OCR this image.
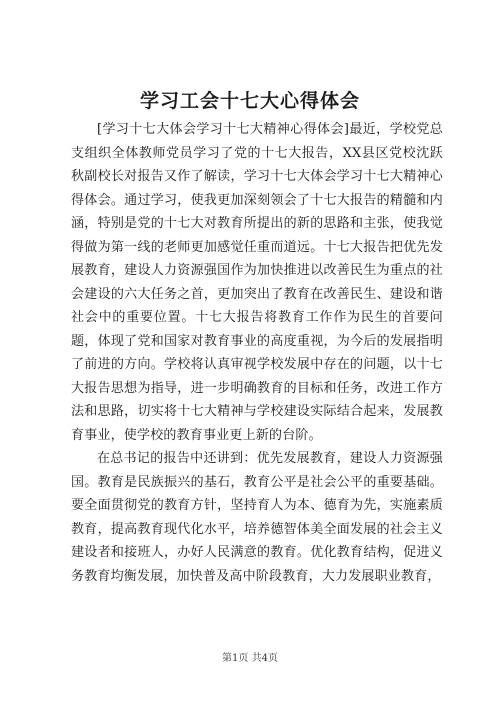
学习工会十七大心得体会

[学习十七大体会学习十七大精神心得体会]最近，学校党总支组织全体教师党员学习了党的十七大报告，XX县区党校沈跃秋副校长对报告又作了解读，学习十七大体会学习十七大精神心得体会。通过学习，使我更加深刻领会了十七大报告的精髓和内涵，特别是党的十七大对教育所提出的新的思路和主张，使我觉得做为第一线的老师更加感觉任重而道远。十七大报告把优先发展教育，建设人力资源强国作为加快推进以改善民生为重点的社会建设的六大任务之首，更加突出了教育在改善民生、建设和谐社会中的重要位置。十七大报告将教育工作作为民生的首要问题，体现了党和国家对教育事业的高度重视，为今后的发展指明了前进的方向。学校将认真审视学校发展中存在的问题，以十七大报告思想为指导，进一步明确教育的目标和任务，改进工作方法和思路，切实将十七大精神与学校建设实际结合起来，发展教育事业，使学校的教育事业更上新的台阶。

在总书记的报告中还讲到：优先发展教育，建设人力资源强国。教育是民族振兴的基石，教育公平是社会公平的重要基础。要全面贯彻党的教育方针，坚持育人为本、德育为先，实施素质教育，提高教育现代化水平，培养德智体美全面发展的社会主义建设者和接班人，办好人民满意的教育。优化教育结构，促进义务教育均衡发展，加快普及高中阶段教育，大力发展职业教育，

第1页 共4页
